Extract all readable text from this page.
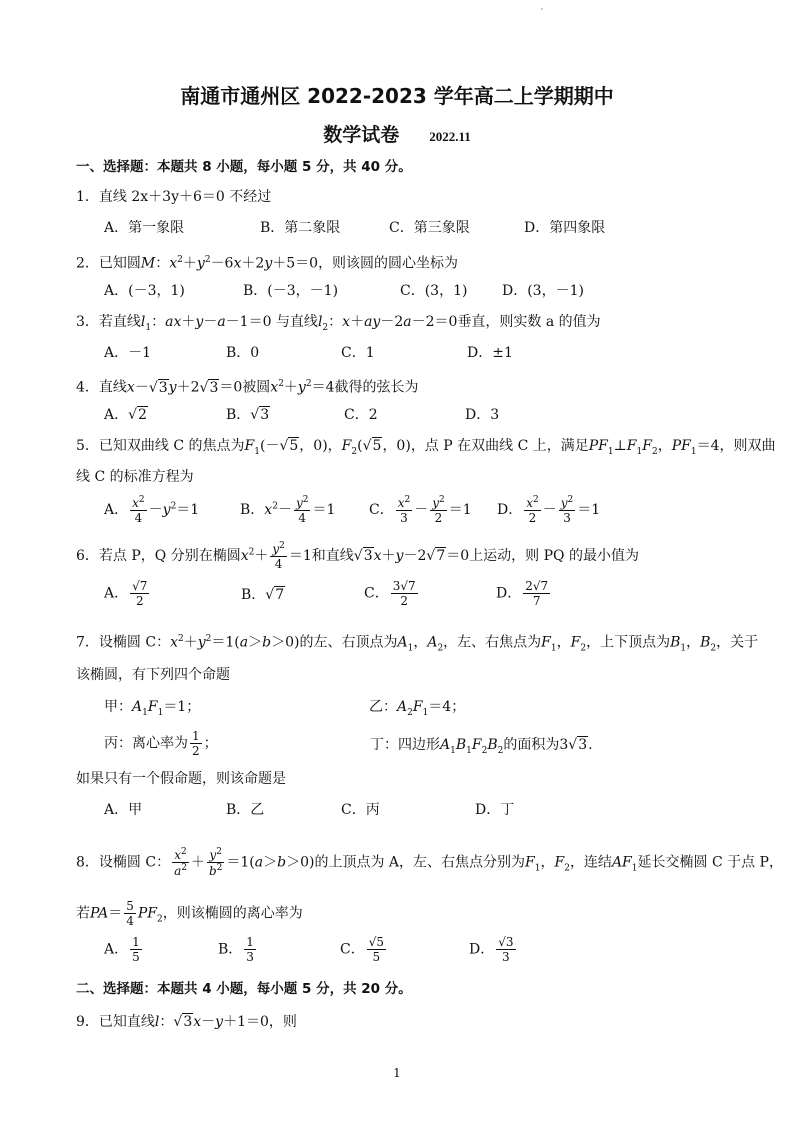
南通市通州区 2022-2023 学年高二上学期期中
数学试卷 2022.11
一、选择题：本题共 8 小题，每小题 5 分，共 40 分。
1．直线 2x＋3y＋6＝0 不经过
A．第一象限	B．第二象限	C．第三象限	D．第四象限
2．已知圆M：$x^2+y^2-6x+2y+5=0$，则该圆的圆心坐标为
A．(－3，1)	B．(－3，－1)	C．(3，1) D．(3，－1)
3．若直线$l_1$：ax＋y－a－1＝0 与直线$l_2$：x＋ay－2a－2＝0垂直，则实数 a 的值为
A．－1	B．0	C．1	D．±1
4．直线x－√3y＋2√3＝0被圆$x^2+y^2=4$截得的弦长为
A．√2	B．√3	C．2	D．3
5．已知双曲线 C 的焦点为$F_1(-√5$，0)，$F_2(√5$，0)，点 P 在双曲线 C 上，满足$PF_1\perp F_1F_2$，$PF_1=4$，则双曲
线 C 的标准方程为
A． $\frac{x^2}{4} -y^2=1$	B．$x^2- \frac{y^2}{4} =1$ C． $\frac{x^2}{3} - \frac{y^2}{2} =1$ D． $\frac{x^2}{2} - \frac{y^2}{3} =1$
6．若点 P，Q 分别在椭圆$x^2+ \frac{y^2}{4} =1$和直线√3x＋y－2√7＝0上运动，则 PQ 的最小值为
A． $\frac{√7}{2}$	B．√7	C． $\frac{3√7}{2}$	D． $\frac{2√7}{7}$
7．设椭圆 C：$x^2+y^2=1(a>b>0)$的左、右顶点为$A_1$，$A_2$，左、右焦点为$F_1$，$F_2$，上下顶点为$B_1$，$B_2$，关于
该椭圆，有下列四个命题
甲：$A_1F_1=1$；	乙：$A_2F_1=4$；
丙：离心率为 $\frac{1}{2}$ ；	丁：四边形$A_1B_1F_2B_2$的面积为3√3.
如果只有一个假命题，则该命题是
A．甲	B．乙	C．丙	D．丁
8．设椭圆 C： $\frac{x^2}{a^2} + \frac{y^2}{b^2} =1(a>b>0)$的上顶点为 A，左、右焦点分别为$F_1$，$F_2$，连结$AF_1$延长交椭圆 C 于点 P，
若$PA= \frac{5}{4} PF_2$，则该椭圆的离心率为
A． $\frac{1}{5}$	B． $\frac{1}{3}$	C． $\frac{√5}{5}$	D． $\frac{√3}{3}$
二、选择题：本题共 4 小题，每小题 5 分，共 20 分。
9．已知直线l：√3x－y＋1＝0，则
1
